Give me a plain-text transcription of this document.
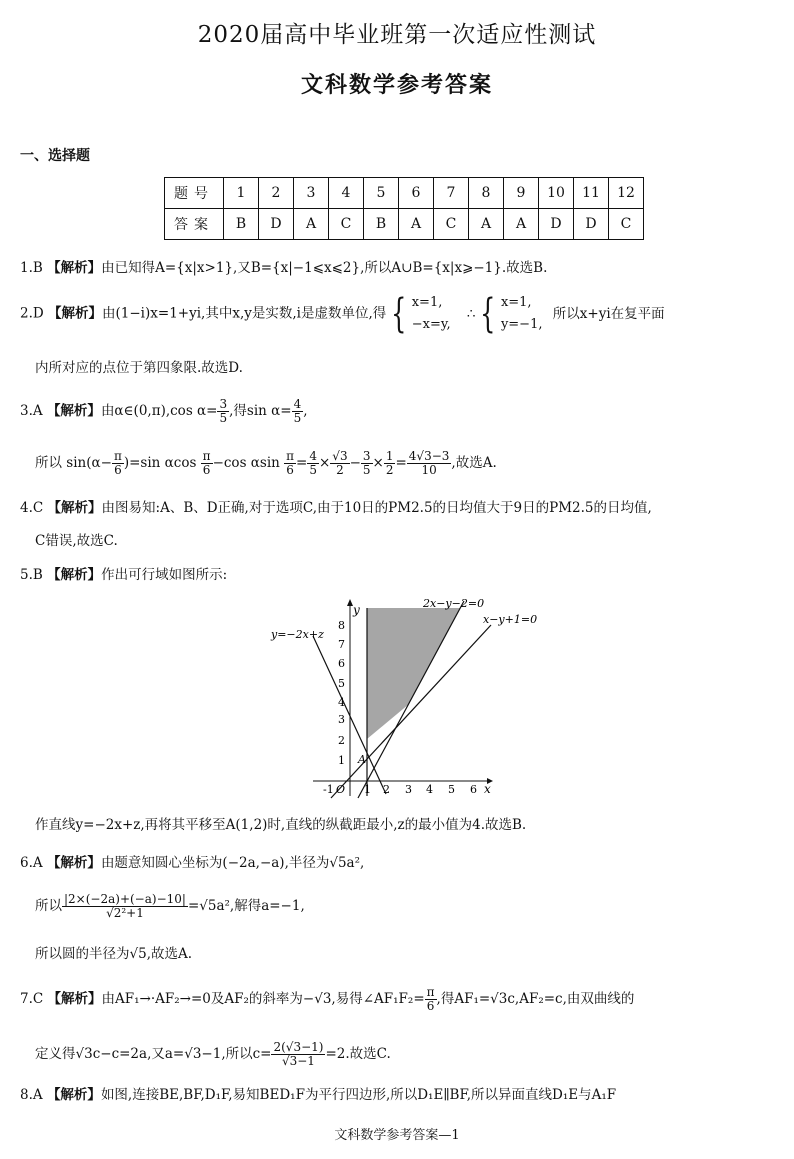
2020届高中毕业班第一次适应性测试
文科数学参考答案
一、选择题
题号	1	2	3	4	5	6	7	8	9	10	11	12
答案	B	D	A	C	B	A	C	A	A	D	D	C
1.B 【解析】由已知得A={x|x>1},又B={x|−1⩽x⩽2},所以A∪B={x|x⩾−1}.故选B.
2.D 【解析】由(1−i)x=1+yi,其中x,y是实数,i是虚数单位,得 { x=1,
−x=y,
∴ { x=1,
y=−1,
所以x+yi在复平面
内所对应的点位于第四象限.故选D.
3.A 【解析】由α∈(0,π),cos $\alpha= \frac{3}{5}$ ,得$\sin \alpha= \frac{4}{5}$ ,
所以 $\sin(\alpha- \frac{\pi}{6} )=\sin$ αcos $\frac{\pi}{6} -\cos$ αsin $\frac{\pi}{6} = \frac{4}{5} \times \frac{√3}{2} - \frac{3}{5} \times \frac{1}{2} = \frac{4√3-3}{10}$ ,故选A.
4.C 【解析】由图易知:A、B、D正确,对于选项C,由于10日的PM2.5的日均值大于9日的PM2.5的日均值,
C错误,故选C.
5.B 【解析】作出可行域如图所示:
-1	1 2 3 4 5 6
1
2
3
4
5
6
7
8
y
x
O
A
2x−y−2=0
x−y+1=0
y=−2x+z
作直线y=−2x+z,再将其平移至A(1,2)时,直线的纵截距最小,z的最小值为4.故选B.
6.A 【解析】由题意知圆心坐标为(−2a,−a),半径为√5a²,
所以 $\frac{|2\times(-2a)+(-a)-10|}{\text{√2²+1}} =√5a^2$,解得a=−1,
所以圆的半径为√5,故选A.
7.C 【解析】由AF₁→·AF₂→=0及AF₂的斜率为−√3,易得∠AF₁F₂= $\frac{\pi}{6}$ ,得AF₁=√3c,AF₂=c,由双曲线的
定义得√3c−c=2a,又a=√3−1,所以$c= \frac{2(√3-1)}{√3-1} =2$.故选C.
8.A 【解析】如图,连接BE,BF,D₁F,易知BED₁F为平行四边形,所以D₁E∥BF,所以异面直线D₁E与A₁F
文科数学参考答案—1
